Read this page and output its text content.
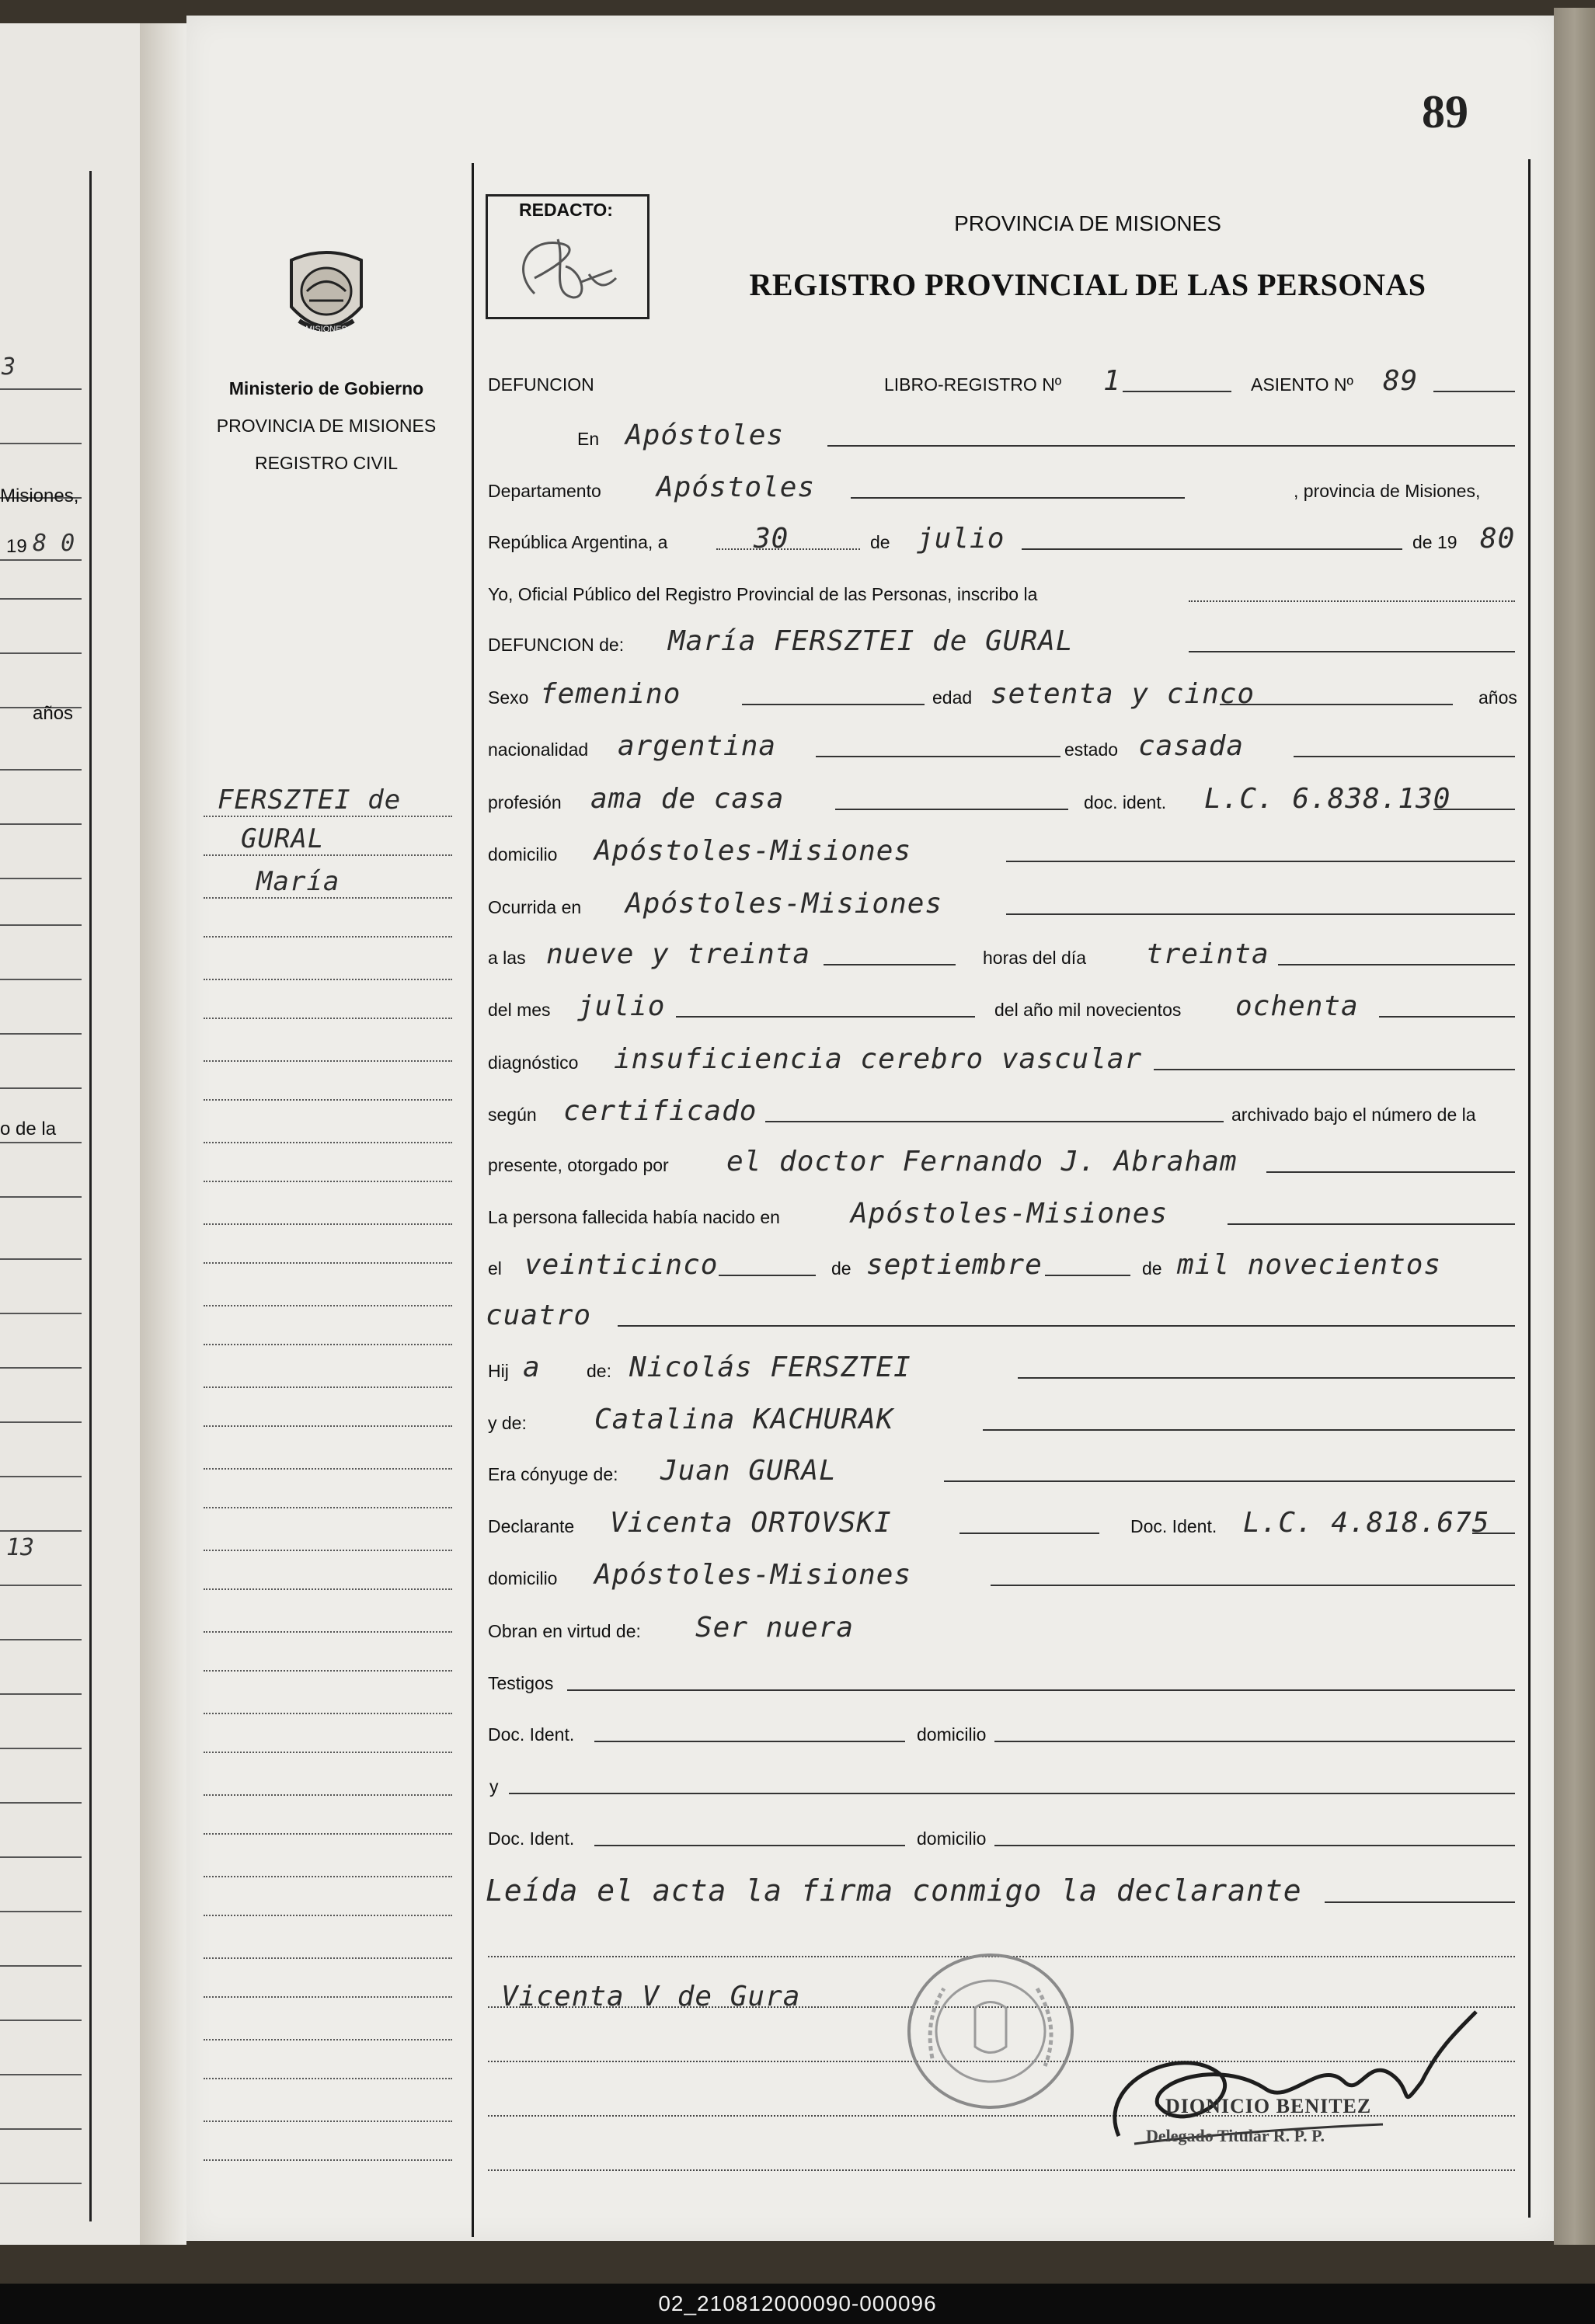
3
Misiones,
19 8 0
años
o de la
13
89
REDACTO:
PROVINCIA DE MISIONES
REGISTRO PROVINCIAL DE LAS PERSONAS
MISIONES
Ministerio de Gobierno
PROVINCIA DE MISIONES
REGISTRO CIVIL
FERSZTEI de
GURAL
María
DEFUNCION	LIBRO-REGISTRO Nº 1	ASIENTO Nº 89
En Apóstoles
Departamento Apóstoles	, provincia de Misiones,
República Argentina, a	30	de julio	de 19 80
Yo, Oficial Público del Registro Provincial de las Personas, inscribo la
DEFUNCION de: María FERSZTEI de GURAL
Sexo femenino	edad setenta y cinco	años
nacionalidad argentina	estado casada
profesión ama de casa	doc. ident. L.C. 6.838.130
domicilio Apóstoles-Misiones
Ocurrida en Apóstoles-Misiones
a las nueve y treinta	horas del día treinta
del mes julio	del año mil novecientos ochenta
diagnóstico insuficiencia cerebro vascular
según certificado	archivado bajo el número de la
presente, otorgado por el doctor Fernando J. Abraham
La persona fallecida había nacido en	Apóstoles-Misiones
el veinticinco	de septiembre	de mil novecientos
cuatro
Hij a	de: Nicolás FERSZTEI
y de: Catalina KACHURAK
Era cónyuge de: Juan GURAL
Declarante Vicenta ORTOVSKI	Doc. Ident. L.C. 4.818.675
domicilio Apóstoles-Misiones
Obran en virtud de: Ser nuera
Testigos
Doc. Ident.	domicilio
y
Doc. Ident.	domicilio
Leída el acta la firma conmigo la declarante
Vicenta V de Gura
DIONICIO BENITEZ
Delegado Titular R. P. P.
02_210812000090-000096
